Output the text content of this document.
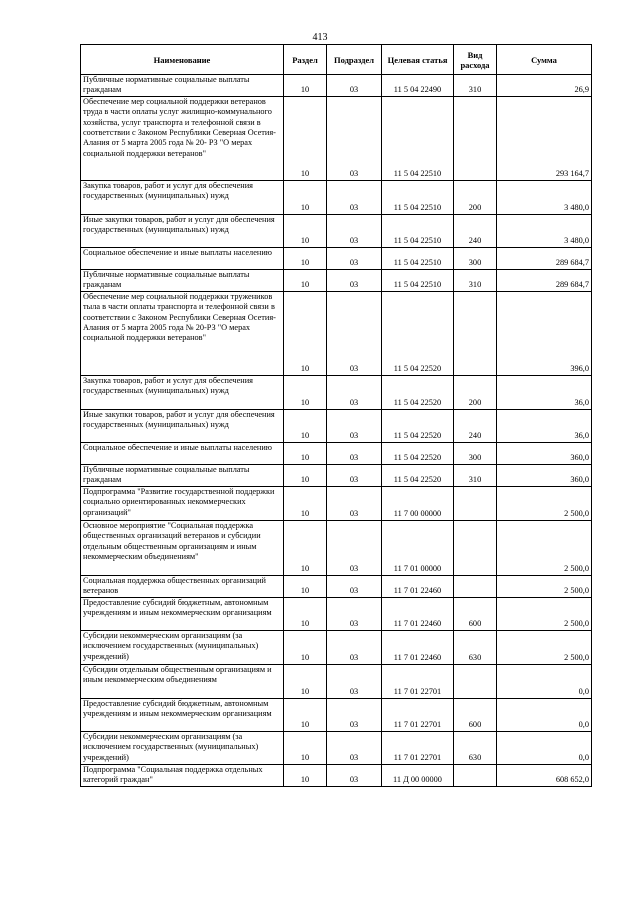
413
Наименование	Раздел	Подраздел	Целевая статья	Вид расхода	Сумма
Публичные нормативные социальные выплаты гражданам	10	03	11 5 04 22490	310	26,9
Обеспечение мер социальной поддержки ветеранов труда в части оплаты услуг жилищно-коммунального хозяйства, услуг транспорта и телефонной связи в соответствии с Законом Республики Северная Осетия-Алания от 5 марта 2005 года № 20- РЗ "О мерах социальной поддержки ветеранов"	10	03	11 5 04 22510		293 164,7
Закупка товаров, работ и услуг для обеспечения государственных (муниципальных) нужд	10	03	11 5 04 22510	200	3 480,0
Иные закупки товаров, работ и услуг для обеспечения государственных (муниципальных) нужд	10	03	11 5 04 22510	240	3 480,0
Социальное обеспечение и иные выплаты населению	10	03	11 5 04 22510	300	289 684,7
Публичные нормативные социальные выплаты гражданам	10	03	11 5 04 22510	310	289 684,7
Обеспечение мер социальной поддержки тружеников тыла в части оплаты транспорта и телефонной связи в соответствии с Законом Республики Северная Осетия-Алания от 5 марта 2005 года № 20-РЗ "О мерах социальной поддержки ветеранов"	10	03	11 5 04 22520		396,0
Закупка товаров, работ и услуг для обеспечения государственных (муниципальных) нужд	10	03	11 5 04 22520	200	36,0
Иные закупки товаров, работ и услуг для обеспечения государственных (муниципальных) нужд	10	03	11 5 04 22520	240	36,0
Социальное обеспечение и иные выплаты населению	10	03	11 5 04 22520	300	360,0
Публичные нормативные социальные выплаты гражданам	10	03	11 5 04 22520	310	360,0
Подпрограмма "Развитие государственной поддержки социально ориентированных некоммерческих организаций"	10	03	11 7 00 00000		2 500,0
Основное мероприятие "Социальная поддержка общественных организаций ветеранов и субсидии отдельным общественным организациям и иным некоммерческим объединениям"	10	03	11 7 01 00000		2 500,0
Социальная поддержка общественных организаций ветеранов	10	03	11 7 01 22460		2 500,0
Предоставление субсидий бюджетным, автономным учреждениям и иным некоммерческим организациям	10	03	11 7 01 22460	600	2 500,0
Субсидии некоммерческим организациям (за исключением государственных (муниципальных) учреждений)	10	03	11 7 01 22460	630	2 500,0
Субсидии отдельным общественным организациям и иным некоммерческим объединениям	10	03	11 7 01 22701		0,0
Предоставление субсидий бюджетным, автономным учреждениям и иным некоммерческим организациям	10	03	11 7 01 22701	600	0,0
Субсидии некоммерческим организациям (за исключением государственных (муниципальных) учреждений)	10	03	11 7 01 22701	630	0,0
Подпрограмма "Социальная поддержка отдельных категорий граждан"	10	03	11 Д 00 00000		608 652,0
